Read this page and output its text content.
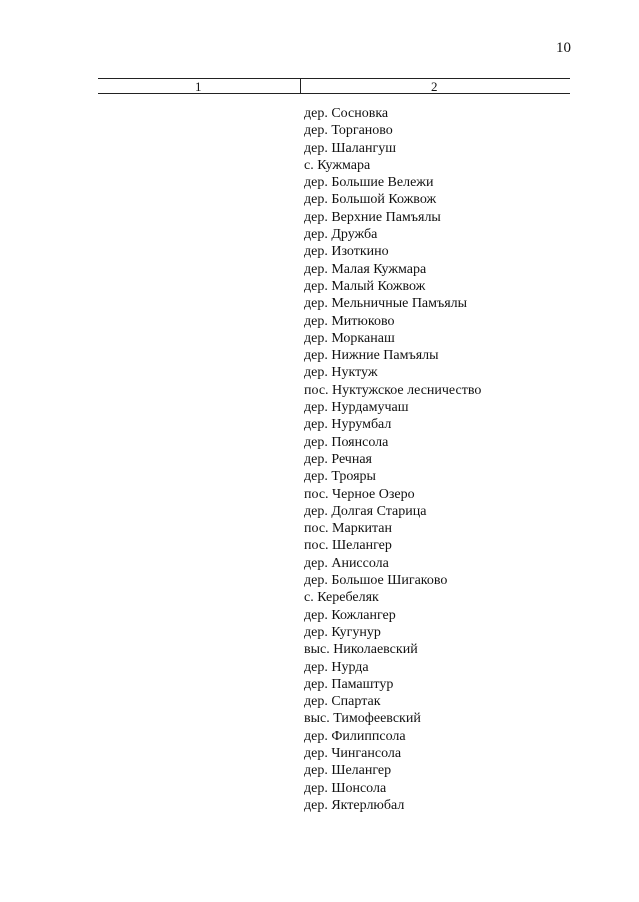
10
1	2
дер. Сосновка
дер. Торганово
дер. Шалангуш
с. Кужмара
дер. Большие Вележи
дер. Большой Кожвож
дер. Верхние Памъялы
дер. Дружба
дер. Изоткино
дер. Малая Кужмара
дер. Малый Кожвож
дер. Мельничные Памъялы
дер. Митюково
дер. Морканаш
дер. Нижние Памъялы
дер. Нуктуж
пос. Нуктужское лесничество
дер. Нурдамучаш
дер. Нурумбал
дер. Поянсола
дер. Речная
дер. Трояры
пос. Черное Озеро
дер. Долгая Старица
пос. Маркитан
пос. Шелангер
дер. Аниссола
дер. Большое Шигаково
с. Керебеляк
дер. Кожлангер
дер. Кугунур
выс. Николаевский
дер. Нурда
дер. Памаштур
дер. Спартак
выс. Тимофеевский
дер. Филиппсола
дер. Чингансола
дер. Шелангер
дер. Шонсола
дер. Яктерлюбал
